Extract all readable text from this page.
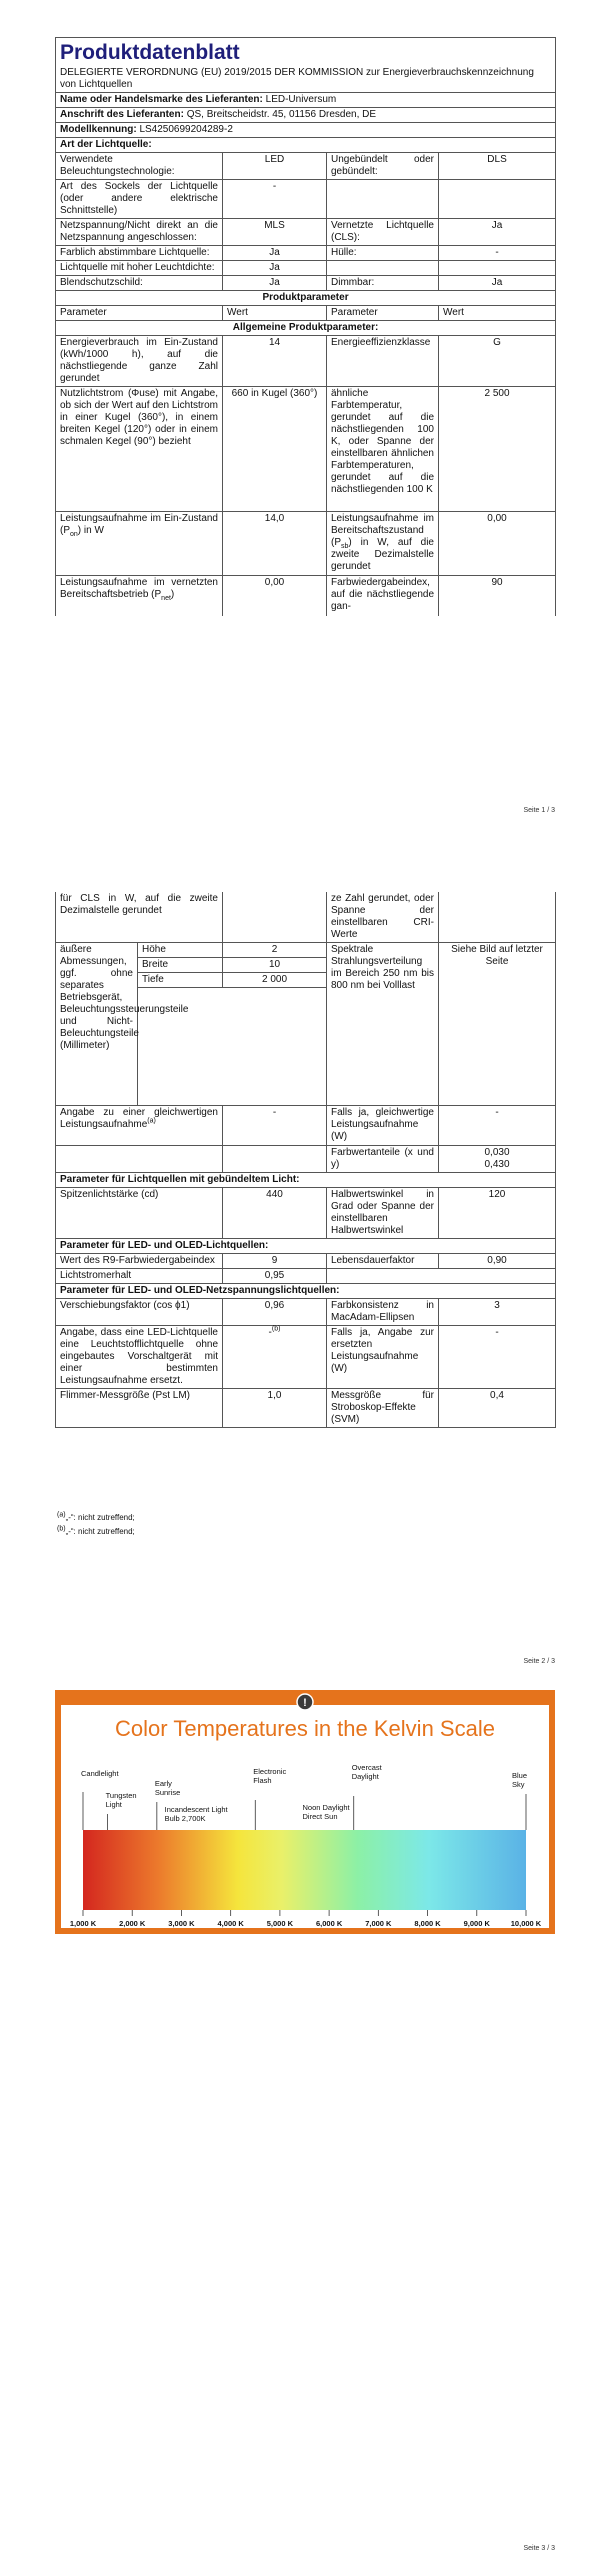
Produktdatenblatt			

DELEGIERTE VERORDNUNG (EU) 2019/2015 DER KOMMISSION zur Energieverbrauchskennzeichnung von Lichtquellen			
Name oder Handelsmarke des Lieferanten: LED-Universum			
Anschrift des Lieferanten: QS, Breitscheidstr. 45, 01156 Dresden, DE			
Modellkennung: LS4250699204289-2			
Art der Lichtquelle:			
Verwendete Beleuchtungstechnologie:	LED	Ungebündelt oder gebündelt:	DLS
Art des Sockels der Lichtquelle (oder andere elektrische Schnittstelle)	-		
Netzspannung/Nicht direkt an die Netzspannung angeschlossen:	MLS	Vernetzte Lichtquelle (CLS):	Ja
Farblich abstimmbare Lichtquelle:	Ja	Hülle:	-
Lichtquelle mit hoher Leuchtdichte:	Ja		
Blendschutzschild:	Ja	Dimmbar:	Ja
Produktparameter			
Parameter	Wert	Parameter	Wert
Allgemeine Produktparameter:			
Energieverbrauch im Ein-Zustand (kWh/1000 h), auf die nächstliegende ganze Zahl gerundet	14	Energieeffizienzklasse	G
Nutzlichtstrom (Φuse) mit Angabe, ob sich der Wert auf den Lichtstrom in einer Kugel (360°), in einem breiten Kegel (120°) oder in einem schmalen Kegel (90°) bezieht	660 in Kugel (360°)	ähnliche Farbtemperatur, gerundet auf die nächstliegenden 100 K, oder Spanne der einstellbaren ähnlichen Farbtemperaturen, gerundet auf die nächstliegenden 100 K	2 500
Leistungsaufnahme im Ein-Zustand $(P_{on})$ in W	14,0	Leistungsaufnahme im Bereitschaftszustand $(P_{sb})$ in W, auf die zweite Dezimalstelle gerundet	0,00
Leistungsaufnahme im vernetzten Bereitschaftsbetrieb $(P_{net})$	0,00	Farbwiedergabeindex, auf die nächstliegende gan-	90
Seite 1 / 3
für CLS in W, auf die zweite Dezimalstelle gerundet			ze Zahl gerundet, oder Spanne der einstellbaren CRI-Werte	
äußere Abmessungen, ggf. ohne separates Betriebsgerät, Beleuchtungssteuerungsteile und Nicht-Beleuchtungsteile (Millimeter)	Höhe	2	Spektrale Strahlungsverteilung im Bereich 250 nm bis 800 nm bei Volllast	Siehe Bild auf letzter Seite
	Breite	10		
	Tiefe	2 000		

Angabe zu einer gleichwertigen Leistungsaufnahme$^{(a)}$		-	Falls ja, gleichwertige Leistungsaufnahme (W)	-
			Farbwertanteile (x und y)	0,030
0,430

Parameter für Lichtquellen mit gebündeltem Licht:				
Spitzenlichtstärke (cd)		440	Halbwertswinkel in Grad oder Spanne der einstellbaren Halbwertswinkel	120
Parameter für LED- und OLED-Lichtquellen:				
Wert des R9-Farbwiedergabeindex		9	Lebensdauerfaktor	0,90
Lichtstromerhalt		0,95		
Parameter für LED- und OLED-Netzspannungslichtquellen:				
Verschiebungsfaktor (cos ϕ1)		0,96	Farbkonsistenz in MacAdam-Ellipsen	3
Angabe, dass eine LED-Lichtquelle eine Leuchtstofflichtquelle ohne eingebautes Vorschaltgerät mit einer bestimmten Leistungsaufnahme ersetzt.		-$^{(b)}$	Falls ja, Angabe zur ersetzten Leistungsaufnahme (W)	-
Flimmer-Messgröße (Pst LM)		1,0	Messgröße für Stroboskop-Effekte (SVM)	0,4
$^{(a)}$„-“: nicht zutreffend;
$^{(b)}$„-“: nicht zutreffend;
Seite 2 / 3
!
Color Temperatures in the Kelvin Scale
Candlelight
Tungsten Light
Early Sunrise
Incandescent Light Bulb 2,700K
Electronic Flash
Noon Daylight Direct Sun
Overcast Daylight	Blue Sky
1,000 K	2,000 K	3,000 K	4,000 K	5,000 K	6,000 K	7,000 K	8,000 K	9,000 K	10,000 K
Seite 3 / 3
